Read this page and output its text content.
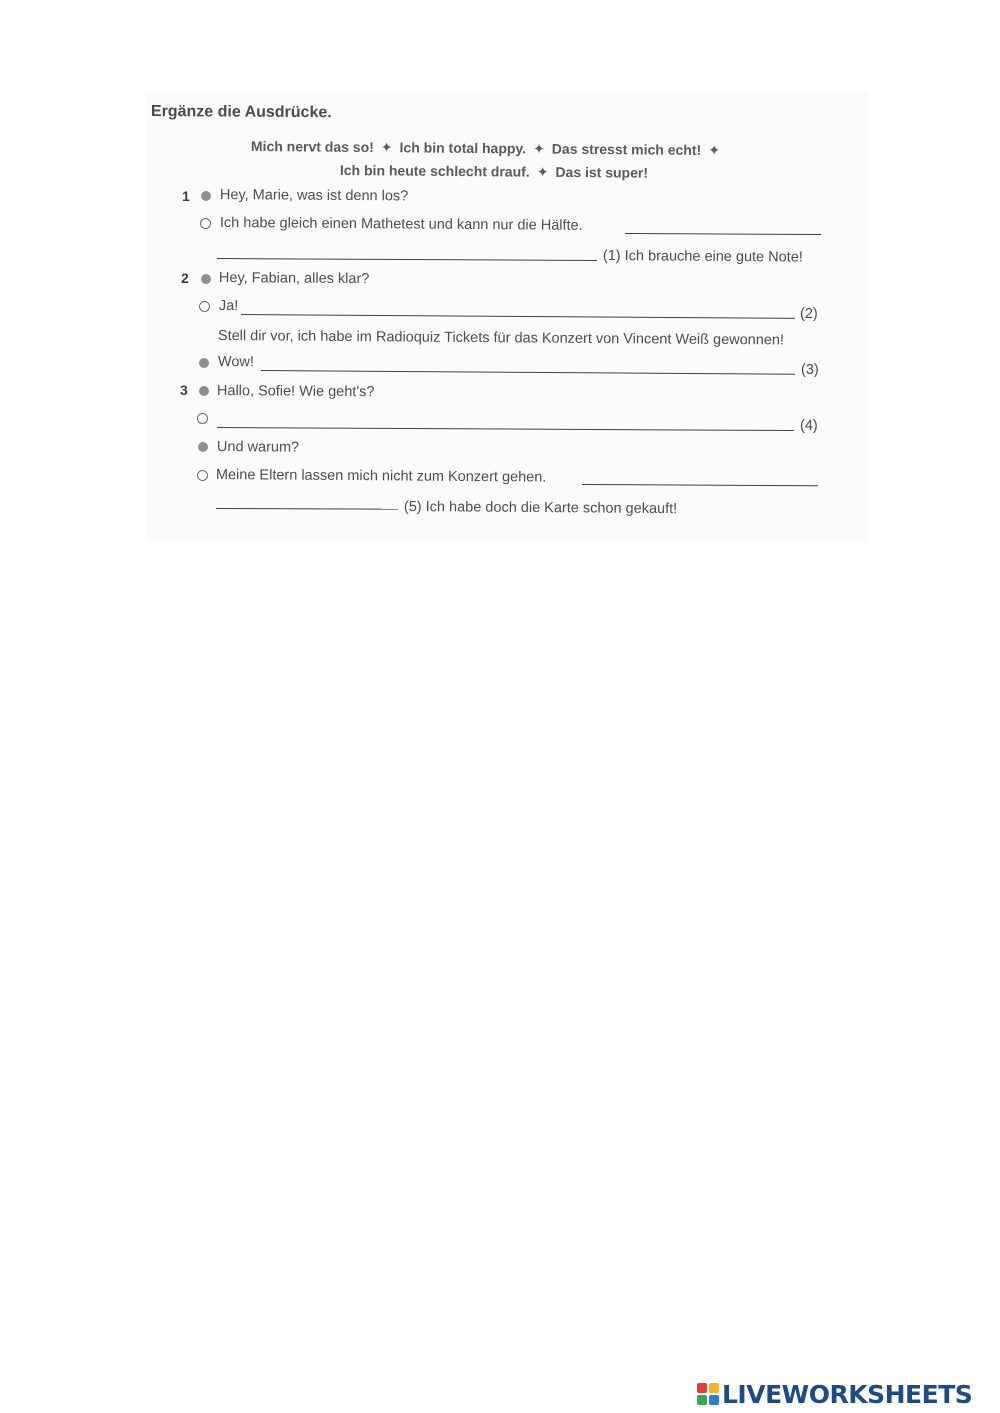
Ergänze die Ausdrücke.
Mich nervt das so! ✦ Ich bin total happy. ✦ Das stresst mich echt! ✦
Ich bin heute schlecht drauf. ✦ Das ist super!
1 Hey, Marie, was ist denn los?
Ich habe gleich einen Mathetest und kann nur die Hälfte.
(1) Ich brauche eine gute Note!
2 Hey, Fabian, alles klar?
Ja!	(2)
Stell dir vor, ich habe im Radioquiz Tickets für das Konzert von Vincent Weiß gewonnen!
Wow!	(3)
3 Hallo, Sofie! Wie geht's?
(4)
Und warum?
Meine Eltern lassen mich nicht zum Konzert gehen.
(5) Ich habe doch die Karte schon gekauft!
LIVEWORKSHEETS
